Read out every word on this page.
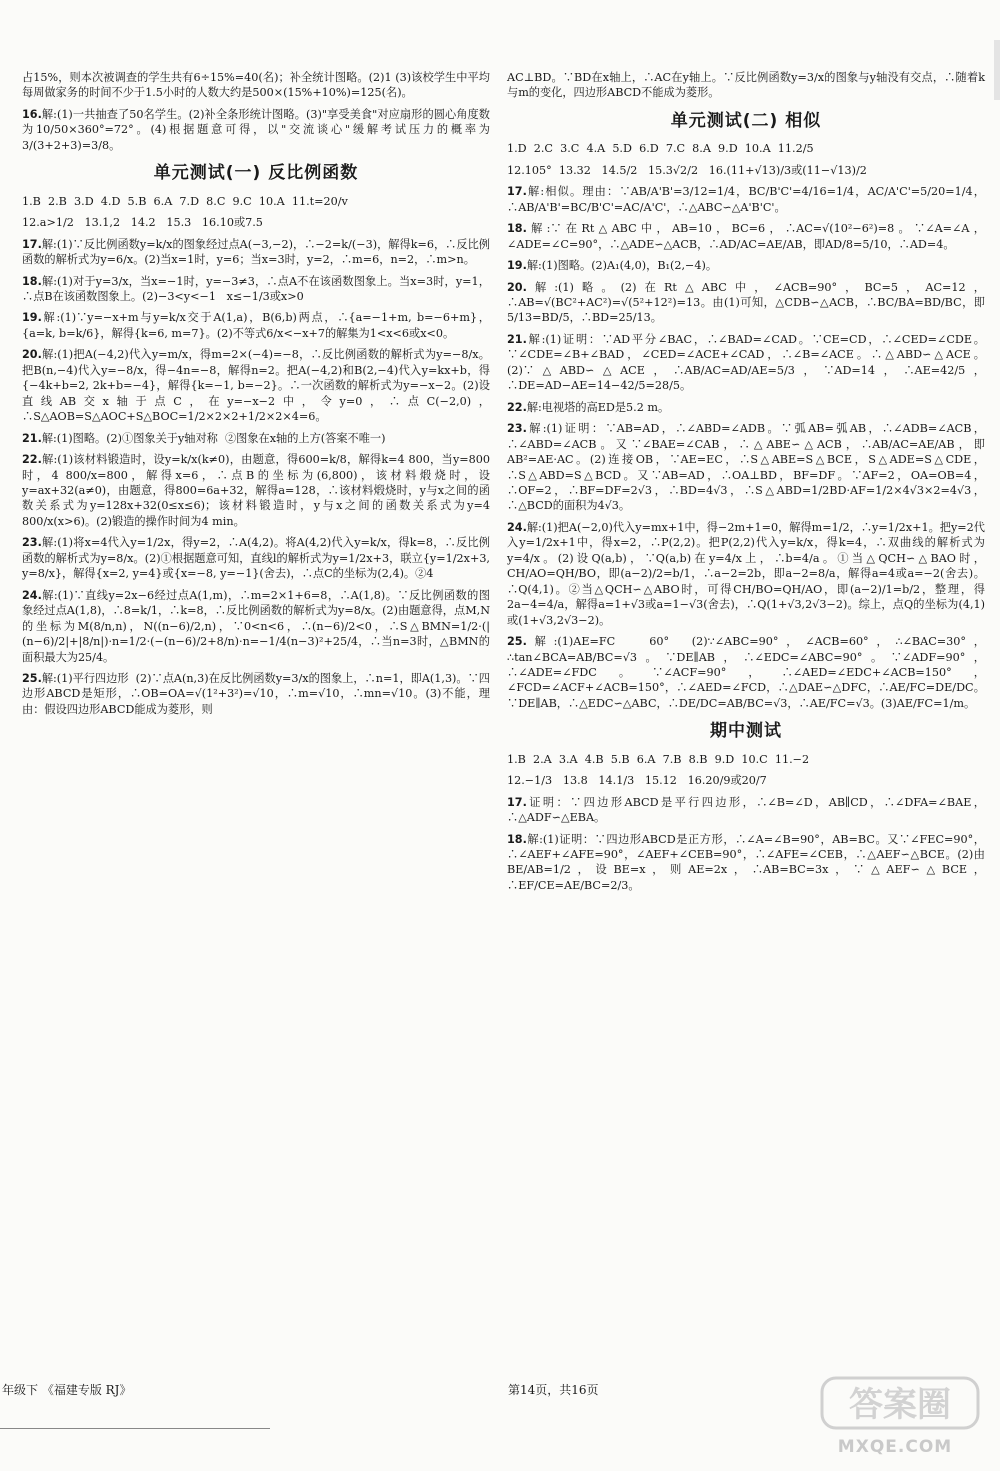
占15%，则本次被调查的学生共有6÷15%=40(名)；补全统计图略。(2)1 (3)该校学生中平均每周做家务的时间不少于1.5小时的人数大约是500×(15%+10%)=125(名)。
16.解:(1)一共抽查了50名学生。(2)补全条形统计图略。(3)"享受美食"对应扇形的圆心角度数为10/50×360°=72°。(4)根据题意可得，以"交流谈心"缓解考试压力的概率为3/(3+2+3)=3/8。
单元测试(一) 反比例函数
1.B  2.B  3.D  4.D  5.B  6.A  7.D  8.C  9.C  10.A  11.t=20/v
12.a>1/2   13.1,2   14.2   15.3   16.10或7.5
17.解:(1)∵反比例函数y=k/x的图象经过点A(−3,−2)，∴−2=k/(−3)，解得k=6，∴反比例函数的解析式为y=6/x。(2)当x=1时，y=6；当x=3时，y=2，∴m=6，n=2，∴m>n。
18.解:(1)对于y=3/x，当x=−1时，y=−3≠3，∴点A不在该函数图象上。当x=3时，y=1，∴点B在该函数图象上。(2)−3<y<−1   x≤−1/3或x>0
19.解:(1)∵y=−x+m与y=k/x交于A(1,a)，B(6,b)两点，∴{a=−1+m, b=−6+m}，{a=k, b=k/6}，解得{k=6, m=7}。(2)不等式6/x<−x+7的解集为1<x<6或x<0。
20.解:(1)把A(−4,2)代入y=m/x，得m=2×(−4)=−8，∴反比例函数的解析式为y=−8/x。把B(n,−4)代入y=−8/x，得−4n=−8，解得n=2。把A(−4,2)和B(2,−4)代入y=kx+b，得{−4k+b=2, 2k+b=−4}，解得{k=−1, b=−2}。∴一次函数的解析式为y=−x−2。(2)设直线AB交x轴于点C，在y=−x−2中，令y=0，∴点C(−2,0)，∴S△AOB=S△AOC+S△BOC=1/2×2×2+1/2×2×4=6。
21.解:(1)图略。(2)①图象关于y轴对称  ②图象在x轴的上方(答案不唯一)
22.解:(1)该材料锻造时，设y=k/x(k≠0)，由题意，得600=k/8，解得k=4 800，当y=800时，4 800/x=800，解得x=6，∴点B的坐标为(6,800)，该材料煅烧时，设y=ax+32(a≠0)，由题意，得800=6a+32，解得a=128，∴该材料煅烧时，y与x之间的函数关系式为y=128x+32(0≤x≤6)；该材料锻造时，y与x之间的函数关系式为y=4 800/x(x>6)。(2)锻造的操作时间为4 min。
23.解:(1)将x=4代入y=1/2x，得y=2，∴A(4,2)。将A(4,2)代入y=k/x，得k=8，∴反比例函数的解析式为y=8/x。(2)①根据题意可知，直线l的解析式为y=1/2x+3，联立{y=1/2x+3, y=8/x}，解得{x=2, y=4}或{x=−8, y=−1}(舍去)，∴点C的坐标为(2,4)。②4
24.解:(1)∵直线y=2x−6经过点A(1,m)，∴m=2×1+6=8，∴A(1,8)。∵反比例函数的图象经过点A(1,8)，∴8=k/1，∴k=8，∴反比例函数的解析式为y=8/x。(2)由题意得，点M,N的坐标为M(8/n,n)，N((n−6)/2,n)，∵0<n<6，∴(n−6)/2<0，∴S△BMN=1/2·(|(n−6)/2|+|8/n|)·n=1/2·(−(n−6)/2+8/n)·n=−1/4(n−3)²+25/4，∴当n=3时，△BMN的面积最大为25/4。
25.解:(1)平行四边形  (2)∵点A(n,3)在反比例函数y=3/x的图象上，∴n=1，即A(1,3)。∵四边形ABCD是矩形，∴OB=OA=√(1²+3²)=√10，∴m=√10，∴mn=√10。(3)不能，理由：假设四边形ABCD能成为菱形，则
AC⊥BD。∵BD在x轴上，∴AC在y轴上。∵反比例函数y=3/x的图象与y轴没有交点，∴随着k与m的变化，四边形ABCD不能成为菱形。
单元测试(二) 相似
1.D  2.C  3.C  4.A  5.D  6.D  7.C  8.A  9.D  10.A  11.2/5
12.105°  13.32   14.5/2   15.3√2/2   16.(11+√13)/3或(11−√13)/2
17.解:相似。理由：∵AB/A'B'=3/12=1/4，BC/B'C'=4/16=1/4，AC/A'C'=5/20=1/4，∴AB/A'B'=BC/B'C'=AC/A'C'，∴△ABC∽△A'B'C'。
18.解:∵在Rt△ABC中，AB=10，BC=6，∴AC=√(10²−6²)=8。∵∠A=∠A，∠ADE=∠C=90°，∴△ADE∽△ACB，∴AD/AC=AE/AB，即AD/8=5/10，∴AD=4。
19.解:(1)图略。(2)A₁(4,0)，B₁(2,−4)。
20.解:(1)略。(2)在Rt△ABC中，∠ACB=90°，BC=5，AC=12，∴AB=√(BC²+AC²)=√(5²+12²)=13。由(1)可知，△CDB∽△ACB，∴BC/BA=BD/BC，即5/13=BD/5，∴BD=25/13。
21.解:(1)证明：∵AD平分∠BAC，∴∠BAD=∠CAD。∵CE=CD，∴∠CED=∠CDE。∵∠CDE=∠B+∠BAD，∠CED=∠ACE+∠CAD，∴∠B=∠ACE。∴△ABD∽△ACE。(2)∵△ABD∽△ACE，∴AB/AC=AD/AE=5/3，∵AD=14，∴AE=42/5，∴DE=AD−AE=14−42/5=28/5。
22.解:电视塔的高ED是5.2 m。
23.解:(1)证明：∵AB=AD，∴∠ABD=∠ADB。∵弧AB=弧AB，∴∠ADB=∠ACB，∴∠ABD=∠ACB。又∵∠BAE=∠CAB，∴△ABE∽△ACB，∴AB/AC=AE/AB，即AB²=AE·AC。(2)连接OB，∵AE=EC，∴S△ABE=S△BCE，S△ADE=S△CDE，∴S△ABD=S△BCD。又∵AB=AD，∴OA⊥BD，BF=DF。∵AF=2，OA=OB=4，∴OF=2，∴BF=DF=2√3，∴BD=4√3，∴S△ABD=1/2BD·AF=1/2×4√3×2=4√3，∴△BCD的面积为4√3。
24.解:(1)把A(−2,0)代入y=mx+1中，得−2m+1=0，解得m=1/2，∴y=1/2x+1。把y=2代入y=1/2x+1中，得x=2，∴P(2,2)。把P(2,2)代入y=k/x，得k=4，∴双曲线的解析式为y=4/x。(2)设Q(a,b)，∵Q(a,b)在y=4/x上，∴b=4/a。①当△QCH∽△BAO时，CH/AO=QH/BO，即(a−2)/2=b/1，∴a−2=2b，即a−2=8/a，解得a=4或a=−2(舍去)。∴Q(4,1)。②当△QCH∽△ABO时，可得CH/BO=QH/AO，即(a−2)/1=b/2，整理，得2a−4=4/a，解得a=1+√3或a=1−√3(舍去)，∴Q(1+√3,2√3−2)。综上，点Q的坐标为(4,1)或(1+√3,2√3−2)。
25.解:(1)AE=FC   60°  (2)∵∠ABC=90°，∠ACB=60°，∴∠BAC=30°，∴tan∠BCA=AB/BC=√3。∵DE∥AB，∴∠EDC=∠ABC=90°。∵∠ADF=90°，∴∠ADE=∠FDC。∵∠ACF=90°，∴∠AED=∠EDC+∠ACB=150°，∠FCD=∠ACF+∠ACB=150°，∴∠AED=∠FCD，∴△DAE∽△DFC，∴AE/FC=DE/DC。∵DE∥AB，∴△EDC∽△ABC，∴DE/DC=AB/BC=√3，∴AE/FC=√3。(3)AE/FC=1/m。
期中测试
1.B  2.A  3.A  4.B  5.B  6.A  7.B  8.B  9.D  10.C  11.−2
12.−1/3   13.8   14.1/3   15.12   16.20/9或20/7
17.证明：∵四边形ABCD是平行四边形，∴∠B=∠D，AB∥CD，∴∠DFA=∠BAE，∴△ADF∽△EBA。
18.解:(1)证明：∵四边形ABCD是正方形，∴∠A=∠B=90°，AB=BC。又∵∠FEC=90°，∴∠AEF+∠AFE=90°，∠AEF+∠CEB=90°，∴∠AFE=∠CEB，∴△AEF∽△BCE。(2)由BE/AB=1/2，设BE=x，则AE=2x，∴AB=BC=3x，∵△AEF∽△BCE，∴EF/CE=AE/BC=2/3。
年级下 《福建专版 RJ》	第14页，共16页	答案圈
MXQE.COM
